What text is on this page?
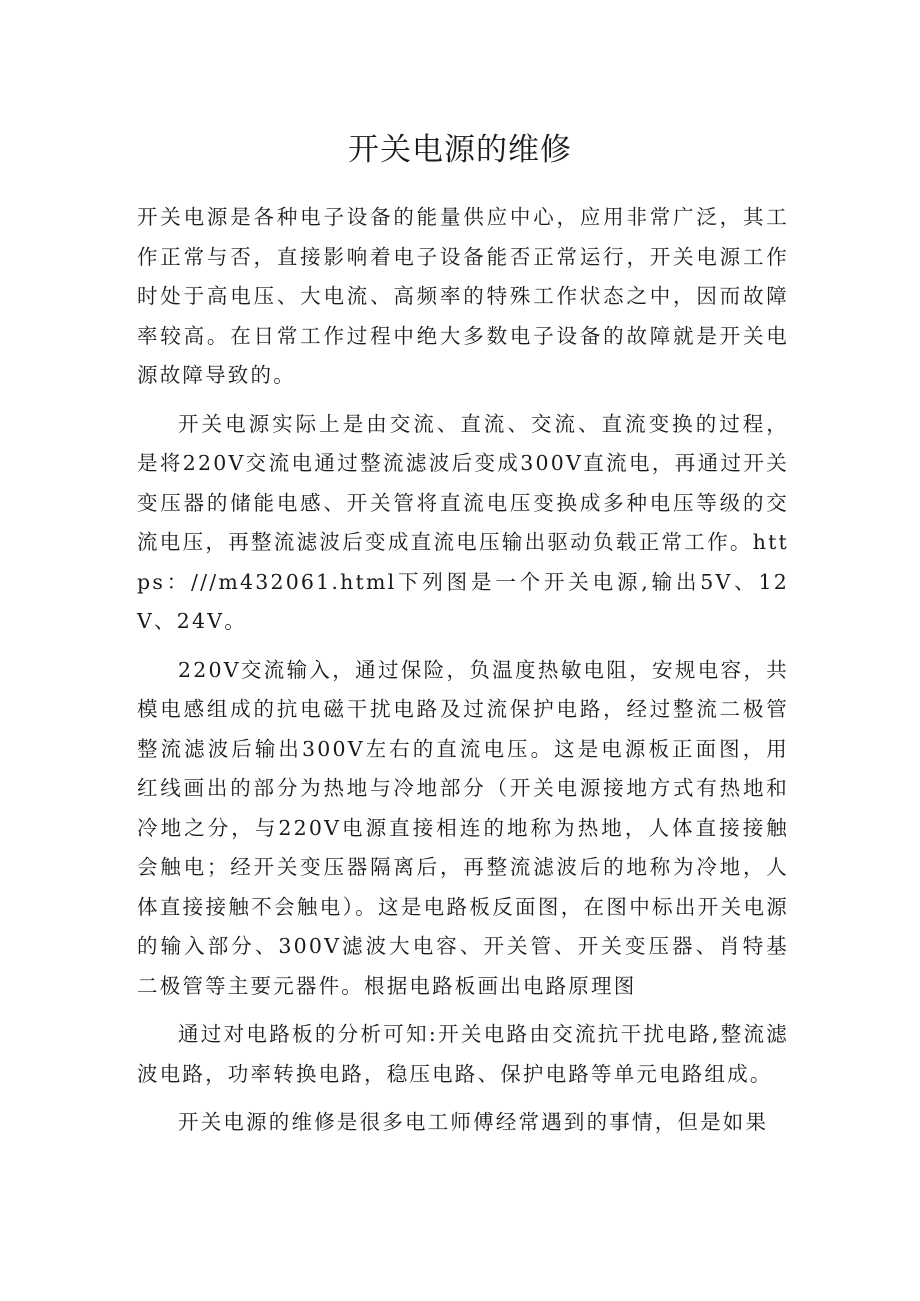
开关电源的维修

开关电源是各种电子设备的能量供应中心，应用非常广泛，其工作正常与否，直接影响着电子设备能否正常运行，开关电源工作时处于高电压、大电流、高频率的特殊工作状态之中，因而故障率较高。在日常工作过程中绝大多数电子设备的故障就是开关电源故障导致的。

开关电源实际上是由交流、直流、交流、直流变换的过程，是将220V交流电通过整流滤波后变成300V直流电，再通过开关变压器的储能电感、开关管将直流电压变换成多种电压等级的交流电压，再整流滤波后变成直流电压输出驱动负载正常工作。https：///m432061.html下列图是一个开关电源,输出5V、12V、24V。

220V交流输入，通过保险，负温度热敏电阻，安规电容，共模电感组成的抗电磁干扰电路及过流保护电路，经过整流二极管整流滤波后输出300V左右的直流电压。这是电源板正面图，用红线画出的部分为热地与冷地部分（开关电源接地方式有热地和冷地之分，与220V电源直接相连的地称为热地，人体直接接触会触电；经开关变压器隔离后，再整流滤波后的地称为冷地，人体直接接触不会触电）。这是电路板反面图，在图中标出开关电源的输入部分、300V滤波大电容、开关管、开关变压器、肖特基二极管等主要元器件。根据电路板画出电路原理图

通过对电路板的分析可知:开关电路由交流抗干扰电路,整流滤波电路，功率转换电路，稳压电路、保护电路等单元电路组成。

开关电源的维修是很多电工师傅经常遇到的事情，但是如果
